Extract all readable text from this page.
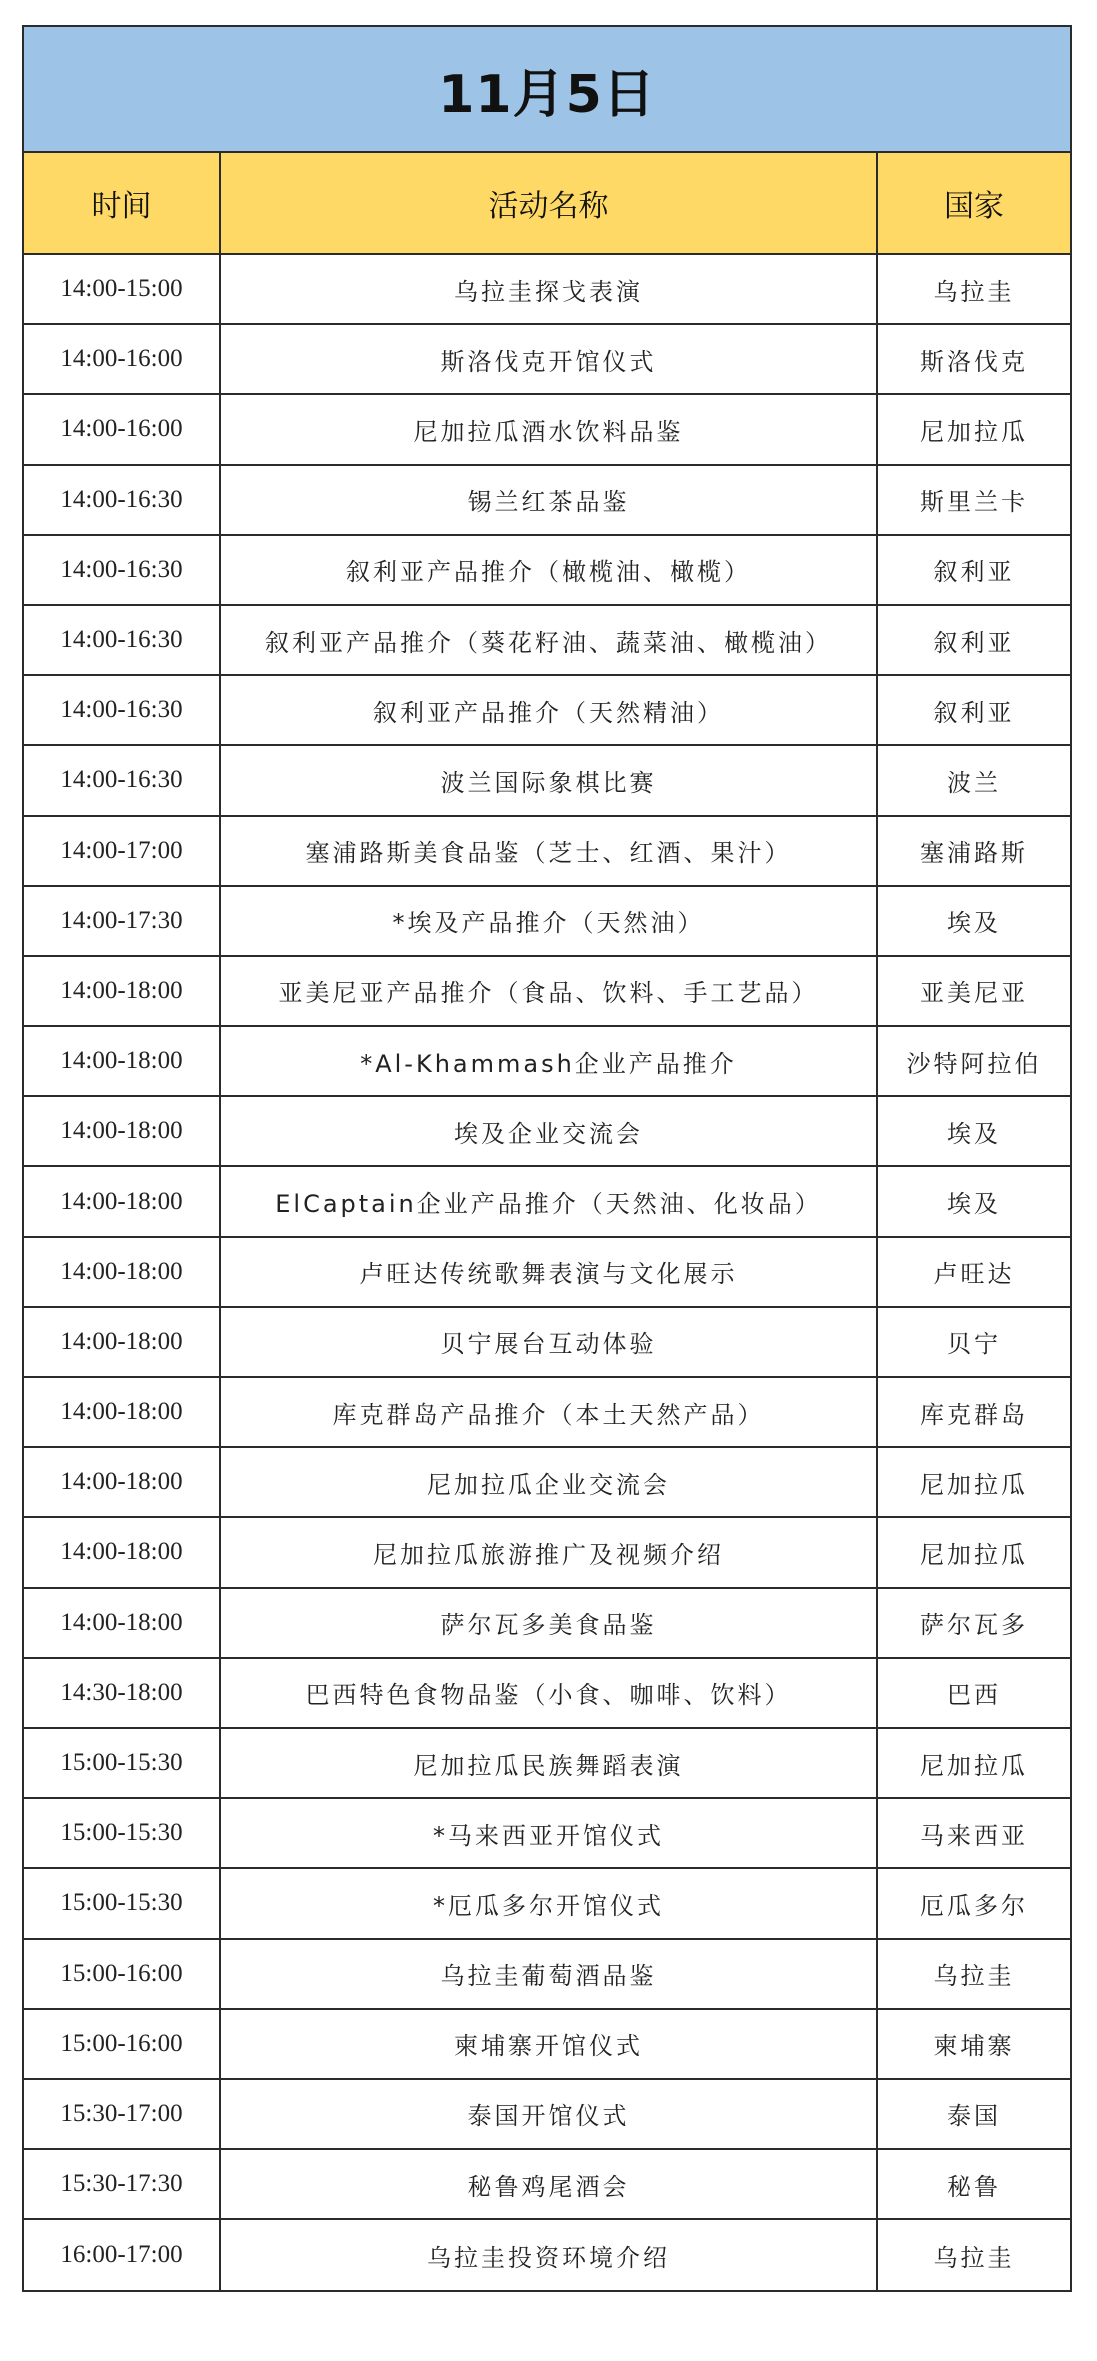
11月5日
时间	活动名称	国家
14:00-15:00	乌拉圭探戈表演	乌拉圭
14:00-16:00	斯洛伐克开馆仪式	斯洛伐克
14:00-16:00	尼加拉瓜酒水饮料品鉴	尼加拉瓜
14:00-16:30	锡兰红茶品鉴	斯里兰卡
14:00-16:30	叙利亚产品推介（橄榄油、橄榄）	叙利亚
14:00-16:30	叙利亚产品推介（葵花籽油、蔬菜油、橄榄油）	叙利亚
14:00-16:30	叙利亚产品推介（天然精油）	叙利亚
14:00-16:30	波兰国际象棋比赛	波兰
14:00-17:00	塞浦路斯美食品鉴（芝士、红酒、果汁）	塞浦路斯
14:00-17:30	*埃及产品推介（天然油）	埃及
14:00-18:00	亚美尼亚产品推介（食品、饮料、手工艺品）	亚美尼亚
14:00-18:00	*Al-Khammash企业产品推介	沙特阿拉伯
14:00-18:00	埃及企业交流会	埃及
14:00-18:00	ElCaptain企业产品推介（天然油、化妆品）	埃及
14:00-18:00	卢旺达传统歌舞表演与文化展示	卢旺达
14:00-18:00	贝宁展台互动体验	贝宁
14:00-18:00	库克群岛产品推介（本土天然产品）	库克群岛
14:00-18:00	尼加拉瓜企业交流会	尼加拉瓜
14:00-18:00	尼加拉瓜旅游推广及视频介绍	尼加拉瓜
14:00-18:00	萨尔瓦多美食品鉴	萨尔瓦多
14:30-18:00	巴西特色食物品鉴（小食、咖啡、饮料）	巴西
15:00-15:30	尼加拉瓜民族舞蹈表演	尼加拉瓜
15:00-15:30	*马来西亚开馆仪式	马来西亚
15:00-15:30	*厄瓜多尔开馆仪式	厄瓜多尔
15:00-16:00	乌拉圭葡萄酒品鉴	乌拉圭
15:00-16:00	柬埔寨开馆仪式	柬埔寨
15:30-17:00	泰国开馆仪式	泰国
15:30-17:30	秘鲁鸡尾酒会	秘鲁
16:00-17:00	乌拉圭投资环境介绍	乌拉圭
